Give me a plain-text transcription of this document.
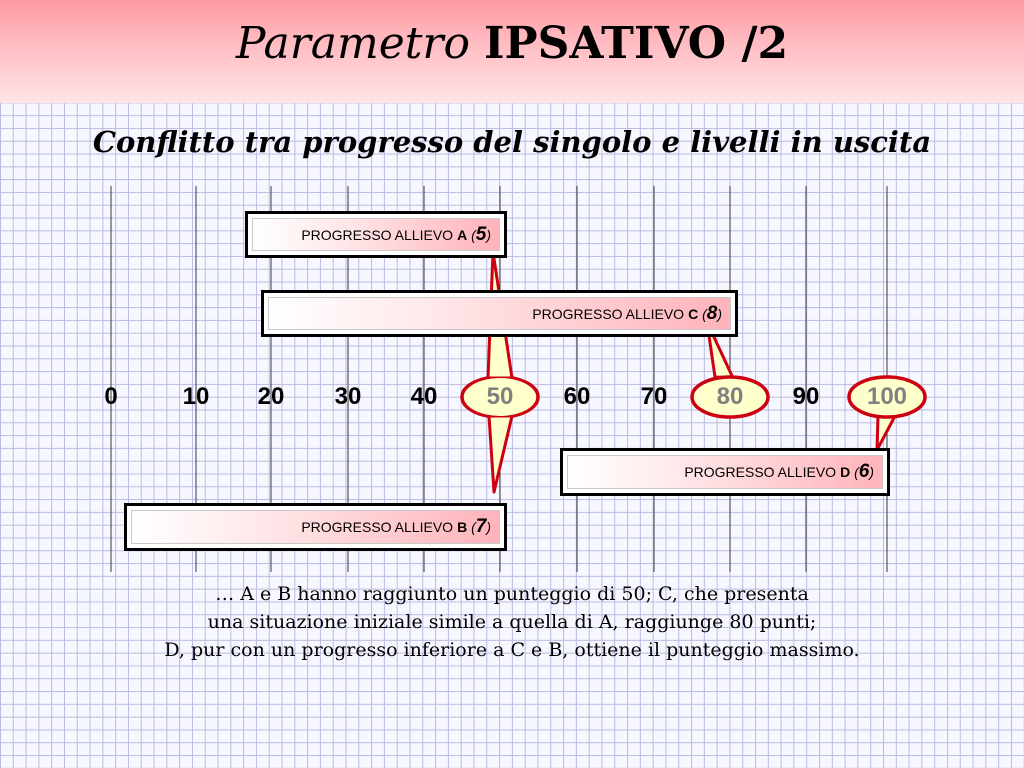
Parametro IPSATIVO /2
Conflitto tra progresso del singolo e livelli in uscita
0	10	20	30	40	50	60	70	80	90	100
PROGRESSO ALLIEVO A ( 5 )
PROGRESSO ALLIEVO C ( 8 )
PROGRESSO ALLIEVO D ( 6 )
PROGRESSO ALLIEVO B ( 7 )
… A e B hanno raggiunto un punteggio di 50; C, che presenta
una situazione iniziale simile a quella di A, raggiunge 80 punti;
D, pur con un progresso inferiore a C e B, ottiene il punteggio massimo.
